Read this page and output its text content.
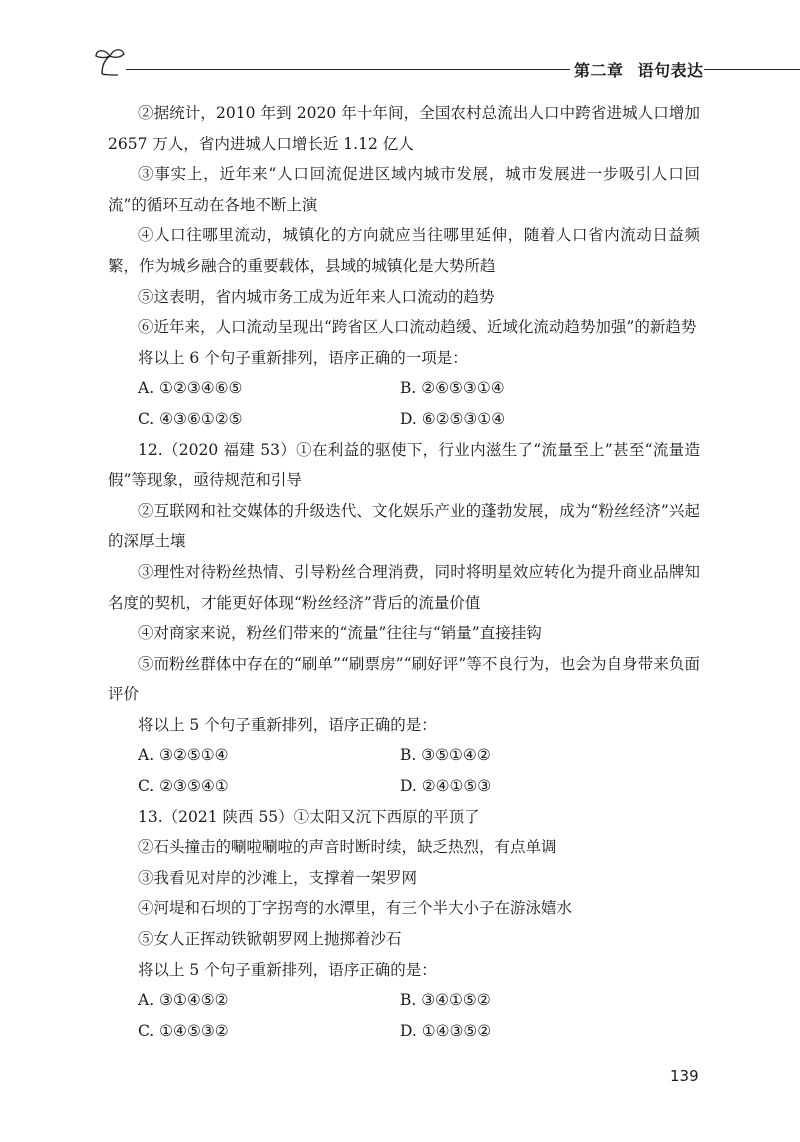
第二章 语句表达

②据统计，2010 年到 2020 年十年间，全国农村总流出人口中跨省进城人口增加 2657 万人，省内进城人口增长近 1.12 亿人

③事实上，近年来“人口回流促进区域内城市发展，城市发展进一步吸引人口回流”的循环互动在各地不断上演

④人口往哪里流动，城镇化的方向就应当往哪里延伸，随着人口省内流动日益频繁，作为城乡融合的重要载体，县域的城镇化是大势所趋

⑤这表明，省内城市务工成为近年来人口流动的趋势

⑥近年来，人口流动呈现出“跨省区人口流动趋缓、近域化流动趋势加强”的新趋势

将以上 6 个句子重新排列，语序正确的一项是：

A. ①②③④⑥⑤	B. ②⑥⑤③①④
C. ④③⑥①②⑤	D. ⑥②⑤③①④

12.（2020 福建 53）①在利益的驱使下，行业内滋生了“流量至上”甚至“流量造假”等现象，亟待规范和引导

②互联网和社交媒体的升级迭代、文化娱乐产业的蓬勃发展，成为“粉丝经济”兴起的深厚土壤

③理性对待粉丝热情、引导粉丝合理消费，同时将明星效应转化为提升商业品牌知名度的契机，才能更好体现“粉丝经济”背后的流量价值

④对商家来说，粉丝们带来的“流量”往往与“销量”直接挂钩

⑤而粉丝群体中存在的“刷单”“刷票房”“刷好评”等不良行为，也会为自身带来负面评价

将以上 5 个句子重新排列，语序正确的是：

A. ③②⑤①④	B. ③⑤①④②
C. ②③⑤④①	D. ②④①⑤③

13.（2021 陕西 55）①太阳又沉下西原的平顶了

②石头撞击的唰啦唰啦的声音时断时续，缺乏热烈，有点单调

③我看见对岸的沙滩上，支撑着一架罗网

④河堤和石坝的丁字拐弯的水潭里，有三个半大小子在游泳嬉水

⑤女人正挥动铁锨朝罗网上抛掷着沙石

将以上 5 个句子重新排列，语序正确的是：

A. ③①④⑤②	B. ③④①⑤②
C. ①④⑤③②	D. ①④③⑤②
139
